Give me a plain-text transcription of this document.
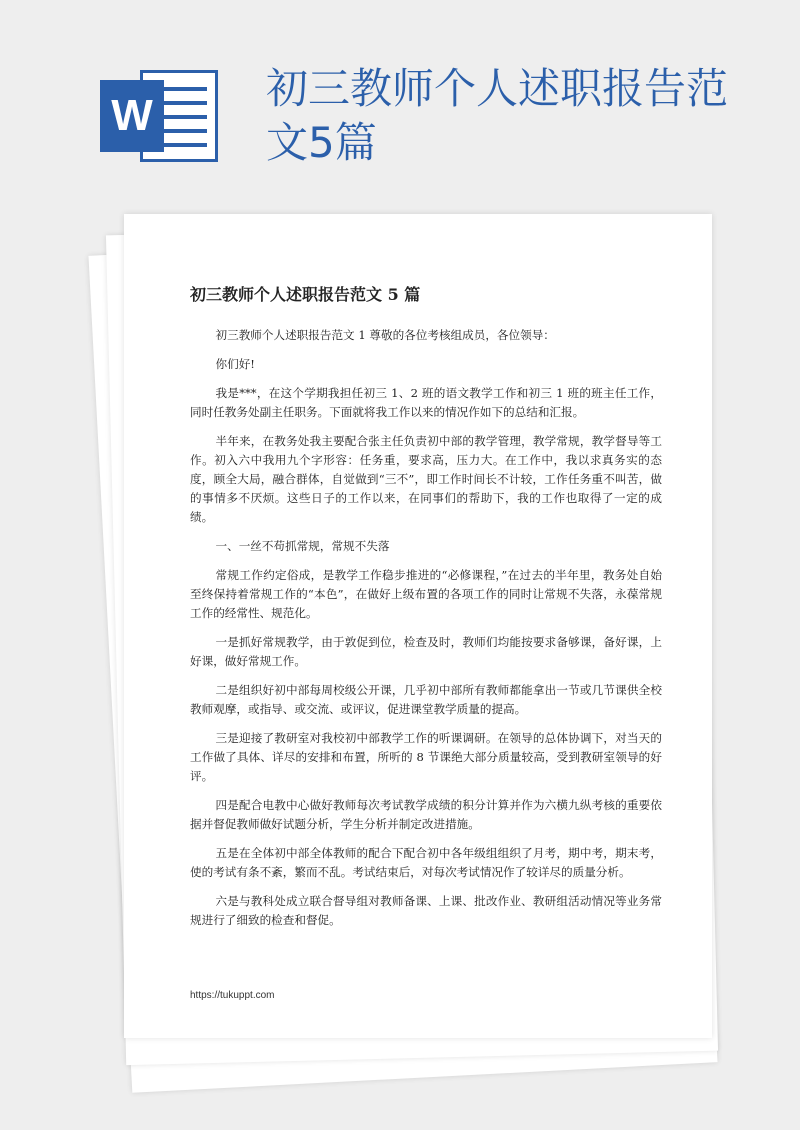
W
初三教师个人述职报告范文5篇
初三教师个人述职报告范文 5 篇

初三教师个人述职报告范文 1 尊敬的各位考核组成员，各位领导：

你们好!

我是***，在这个学期我担任初三 1、2 班的语文教学工作和初三 1 班的班主任工作，同时任教务处副主任职务。下面就将我工作以来的情况作如下的总结和汇报。

半年来，在教务处我主要配合张主任负责初中部的教学管理，教学常规，教学督导等工作。初入六中我用九个字形容：任务重，要求高，压力大。在工作中，我以求真务实的态度，顾全大局，融合群体，自觉做到“三不”，即工作时间长不计较，工作任务重不叫苦，做的事情多不厌烦。这些日子的工作以来，在同事们的帮助下，我的工作也取得了一定的成绩。

一、一丝不苟抓常规，常规不失落

常规工作约定俗成，是教学工作稳步推进的“必修课程，”在过去的半年里，教务处自始至终保持着常规工作的“本色”，在做好上级布置的各项工作的同时让常规不失落，永葆常规工作的经常性、规范化。

一是抓好常规教学，由于敦促到位，检查及时，教师们均能按要求备够课，备好课，上好课，做好常规工作。

二是组织好初中部每周校级公开课，几乎初中部所有教师都能拿出一节或几节课供全校教师观摩，或指导、或交流、或评议，促进课堂教学质量的提高。

三是迎接了教研室对我校初中部教学工作的听课调研。在领导的总体协调下，对当天的工作做了具体、详尽的安排和布置，所听的 8 节课绝大部分质量较高，受到教研室领导的好评。

四是配合电教中心做好教师每次考试教学成绩的积分计算并作为六横九纵考核的重要依据并督促教师做好试题分析，学生分析并制定改进措施。

五是在全体初中部全体教师的配合下配合初中各年级组组织了月考，期中考，期末考，使的考试有条不紊，繁而不乱。考试结束后，对每次考试情况作了较详尽的质量分析。

六是与教科处成立联合督导组对教师备课、上课、批改作业、教研组活动情况等业务常规进行了细致的检查和督促。

https://tukuppt.com
